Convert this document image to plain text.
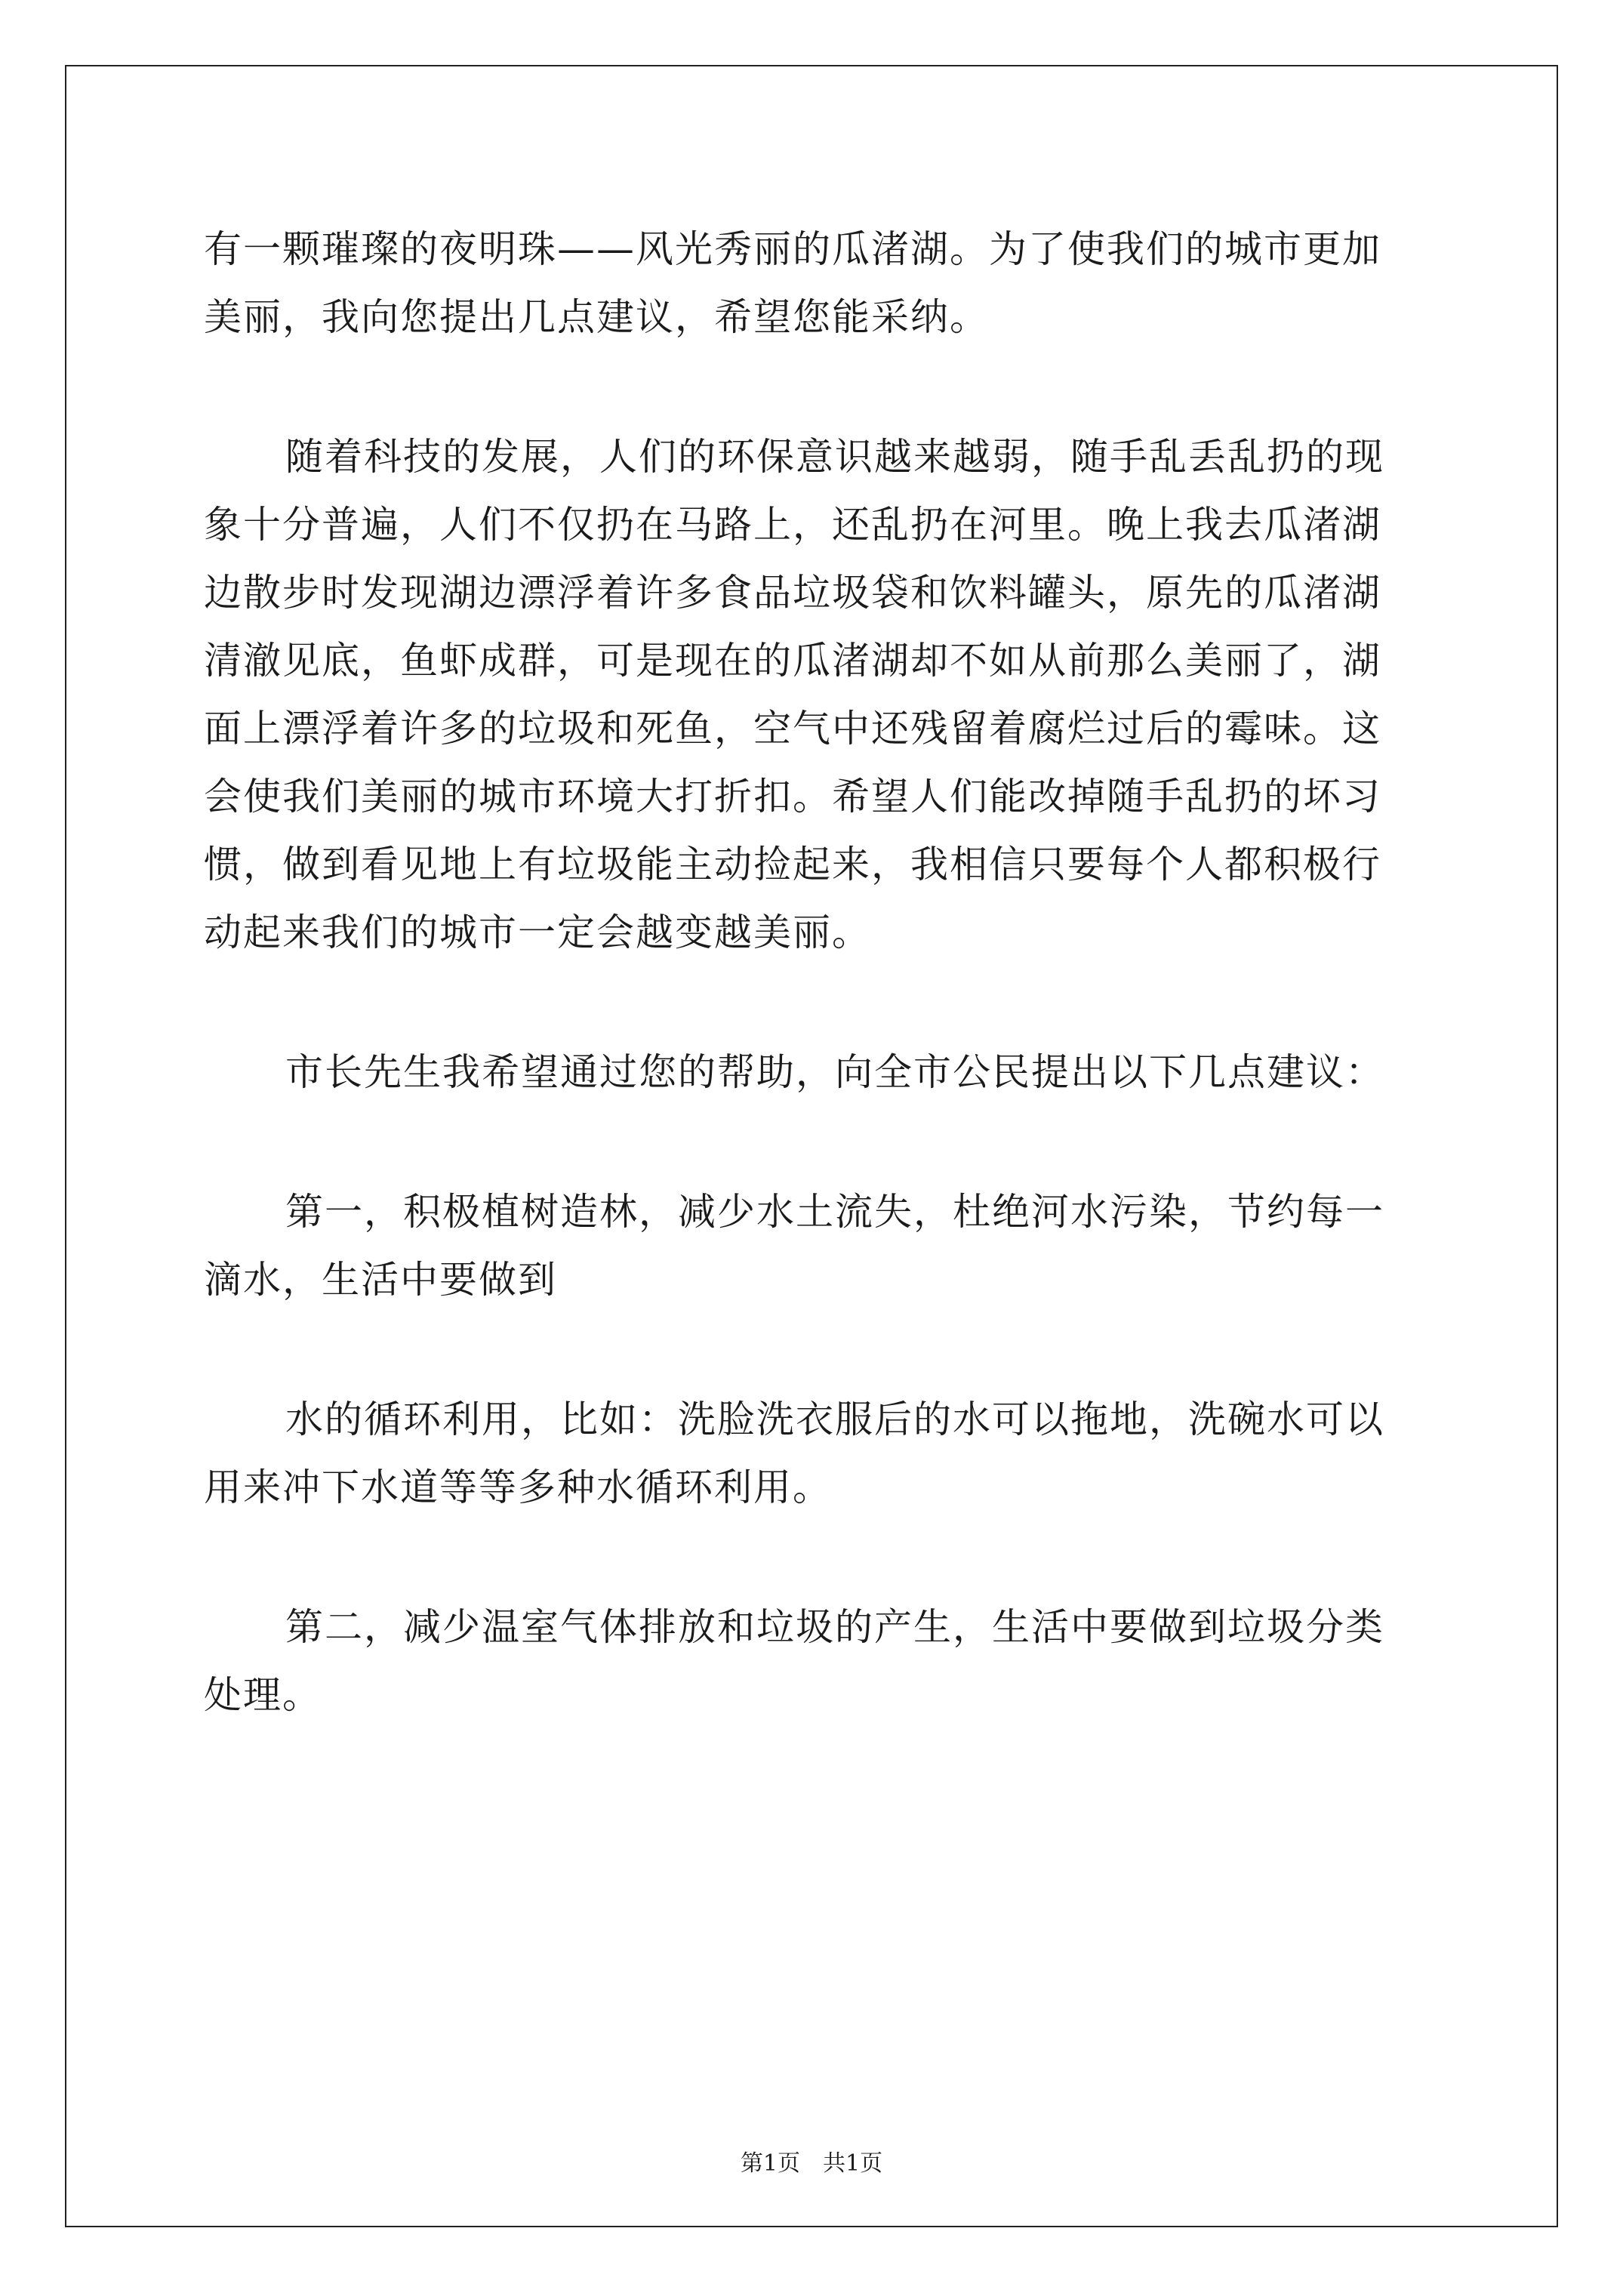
有一颗璀璨的夜明珠——风光秀丽的瓜渚湖。为了使我们的城市更加
美丽，我向您提出几点建议，希望您能采纳。
随着科技的发展，人们的环保意识越来越弱，随手乱丢乱扔的现
象十分普遍，人们不仅扔在马路上，还乱扔在河里。晚上我去瓜渚湖
边散步时发现湖边漂浮着许多食品垃圾袋和饮料罐头，原先的瓜渚湖
清澈见底，鱼虾成群，可是现在的瓜渚湖却不如从前那么美丽了，湖
面上漂浮着许多的垃圾和死鱼，空气中还残留着腐烂过后的霉味。这
会使我们美丽的城市环境大打折扣。希望人们能改掉随手乱扔的坏习
惯，做到看见地上有垃圾能主动捡起来，我相信只要每个人都积极行
动起来我们的城市一定会越变越美丽。
市长先生我希望通过您的帮助，向全市公民提出以下几点建议：
第一，积极植树造林，减少水土流失，杜绝河水污染，节约每一
滴水，生活中要做到
水的循环利用，比如：洗脸洗衣服后的水可以拖地，洗碗水可以
用来冲下水道等等多种水循环利用。
第二，减少温室气体排放和垃圾的产生，生活中要做到垃圾分类
处理。
第1页　共1页
